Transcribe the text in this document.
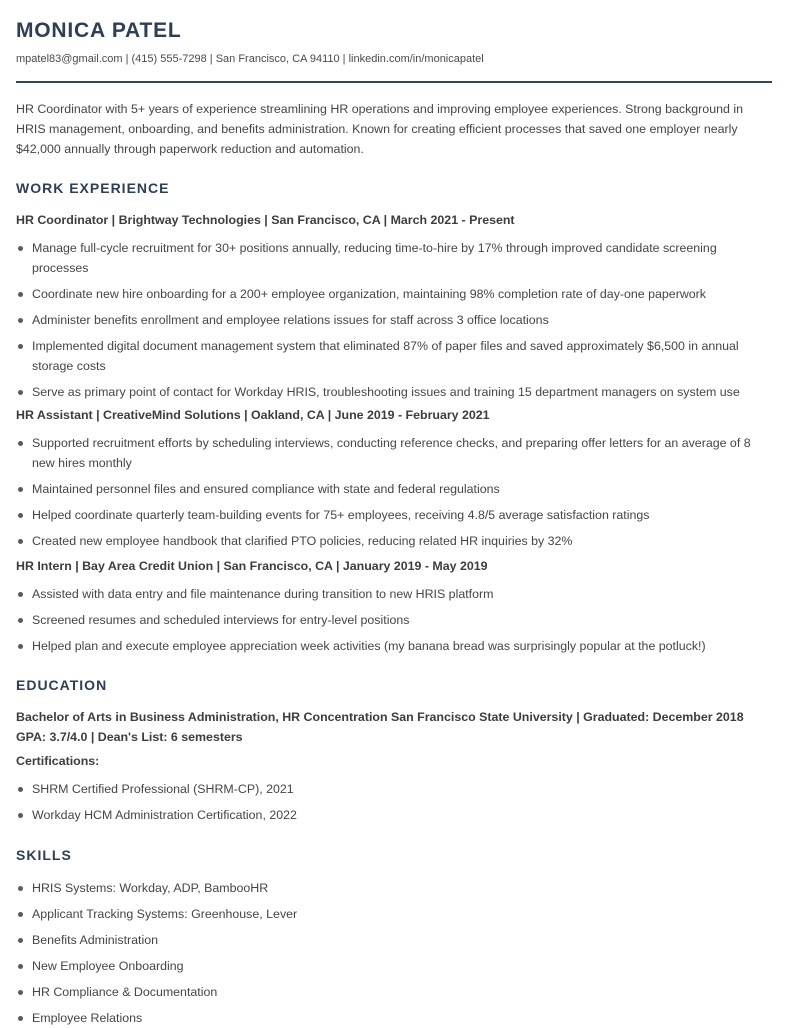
MONICA PATEL
mpatel83@gmail.com | (415) 555-7298 | San Francisco, CA 94110 | linkedin.com/in/monicapatel

HR Coordinator with 5+ years of experience streamlining HR operations and improving employee experiences. Strong background in HRIS management, onboarding, and benefits administration. Known for creating efficient processes that saved one employer nearly $42,000 annually through paperwork reduction and automation.

WORK EXPERIENCE
HR Coordinator | Brightway Technologies | San Francisco, CA | March 2021 - Present
Manage full-cycle recruitment for 30+ positions annually, reducing time-to-hire by 17% through improved candidate screening processes
Coordinate new hire onboarding for a 200+ employee organization, maintaining 98% completion rate of day-one paperwork
Administer benefits enrollment and employee relations issues for staff across 3 office locations
Implemented digital document management system that eliminated 87% of paper files and saved approximately $6,500 in annual storage costs
Serve as primary point of contact for Workday HRIS, troubleshooting issues and training 15 department managers on system use
HR Assistant | CreativeMind Solutions | Oakland, CA | June 2019 - February 2021
Supported recruitment efforts by scheduling interviews, conducting reference checks, and preparing offer letters for an average of 8 new hires monthly
Maintained personnel files and ensured compliance with state and federal regulations
Helped coordinate quarterly team-building events for 75+ employees, receiving 4.8/5 average satisfaction ratings
Created new employee handbook that clarified PTO policies, reducing related HR inquiries by 32%
HR Intern | Bay Area Credit Union | San Francisco, CA | January 2019 - May 2019
Assisted with data entry and file maintenance during transition to new HRIS platform
Screened resumes and scheduled interviews for entry-level positions
Helped plan and execute employee appreciation week activities (my banana bread was surprisingly popular at the potluck!)
EDUCATION

Bachelor of Arts in Business Administration, HR Concentration San Francisco State University | Graduated: December 2018 GPA: 3.7/4.0 | Dean's List: 6 semesters

Certifications:
SHRM Certified Professional (SHRM-CP), 2021
Workday HCM Administration Certification, 2022
SKILLS
HRIS Systems: Workday, ADP, BambooHR
Applicant Tracking Systems: Greenhouse, Lever
Benefits Administration
New Employee Onboarding
HR Compliance & Documentation
Employee Relations
